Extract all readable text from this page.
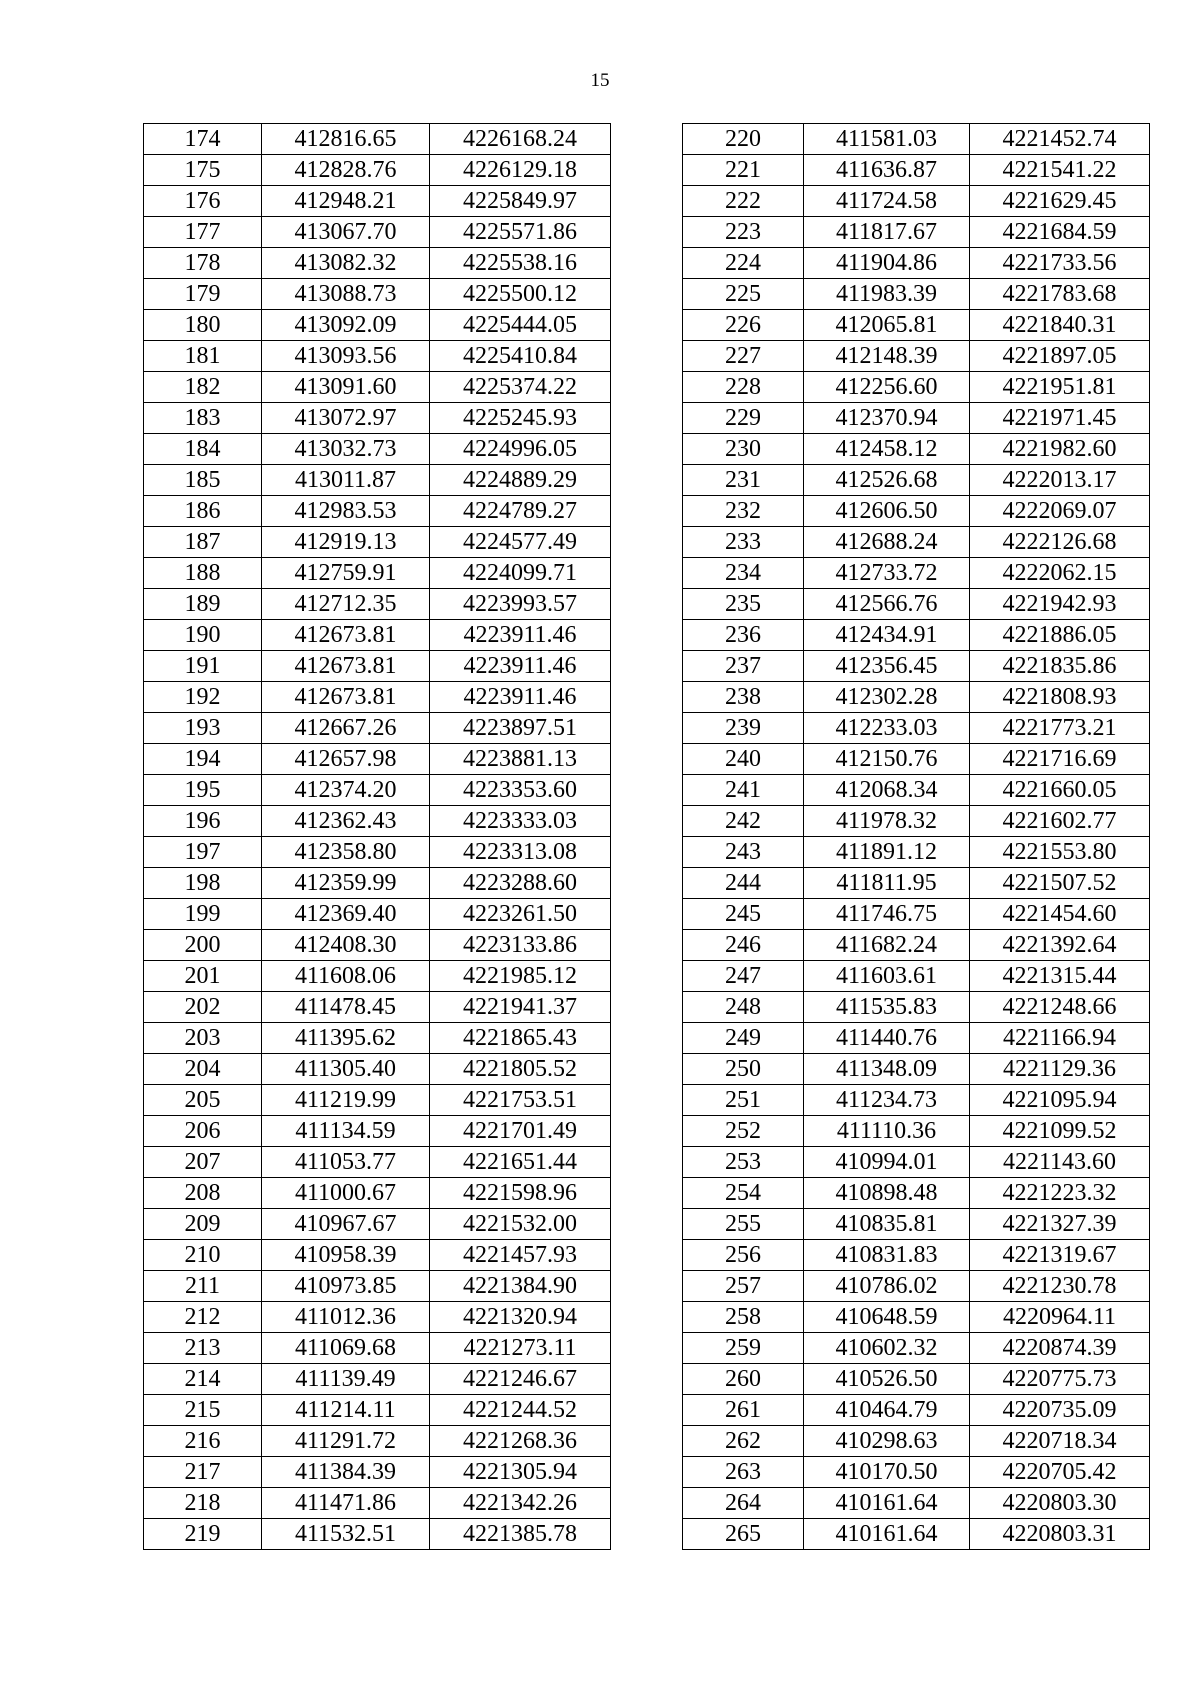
15
174	412816.65	4226168.24
175	412828.76	4226129.18
176	412948.21	4225849.97
177	413067.70	4225571.86
178	413082.32	4225538.16
179	413088.73	4225500.12
180	413092.09	4225444.05
181	413093.56	4225410.84
182	413091.60	4225374.22
183	413072.97	4225245.93
184	413032.73	4224996.05
185	413011.87	4224889.29
186	412983.53	4224789.27
187	412919.13	4224577.49
188	412759.91	4224099.71
189	412712.35	4223993.57
190	412673.81	4223911.46
191	412673.81	4223911.46
192	412673.81	4223911.46
193	412667.26	4223897.51
194	412657.98	4223881.13
195	412374.20	4223353.60
196	412362.43	4223333.03
197	412358.80	4223313.08
198	412359.99	4223288.60
199	412369.40	4223261.50
200	412408.30	4223133.86
201	411608.06	4221985.12
202	411478.45	4221941.37
203	411395.62	4221865.43
204	411305.40	4221805.52
205	411219.99	4221753.51
206	411134.59	4221701.49
207	411053.77	4221651.44
208	411000.67	4221598.96
209	410967.67	4221532.00
210	410958.39	4221457.93
211	410973.85	4221384.90
212	411012.36	4221320.94
213	411069.68	4221273.11
214	411139.49	4221246.67
215	411214.11	4221244.52
216	411291.72	4221268.36
217	411384.39	4221305.94
218	411471.86	4221342.26
219	411532.51	4221385.78
220	411581.03	4221452.74
221	411636.87	4221541.22
222	411724.58	4221629.45
223	411817.67	4221684.59
224	411904.86	4221733.56
225	411983.39	4221783.68
226	412065.81	4221840.31
227	412148.39	4221897.05
228	412256.60	4221951.81
229	412370.94	4221971.45
230	412458.12	4221982.60
231	412526.68	4222013.17
232	412606.50	4222069.07
233	412688.24	4222126.68
234	412733.72	4222062.15
235	412566.76	4221942.93
236	412434.91	4221886.05
237	412356.45	4221835.86
238	412302.28	4221808.93
239	412233.03	4221773.21
240	412150.76	4221716.69
241	412068.34	4221660.05
242	411978.32	4221602.77
243	411891.12	4221553.80
244	411811.95	4221507.52
245	411746.75	4221454.60
246	411682.24	4221392.64
247	411603.61	4221315.44
248	411535.83	4221248.66
249	411440.76	4221166.94
250	411348.09	4221129.36
251	411234.73	4221095.94
252	411110.36	4221099.52
253	410994.01	4221143.60
254	410898.48	4221223.32
255	410835.81	4221327.39
256	410831.83	4221319.67
257	410786.02	4221230.78
258	410648.59	4220964.11
259	410602.32	4220874.39
260	410526.50	4220775.73
261	410464.79	4220735.09
262	410298.63	4220718.34
263	410170.50	4220705.42
264	410161.64	4220803.30
265	410161.64	4220803.31
